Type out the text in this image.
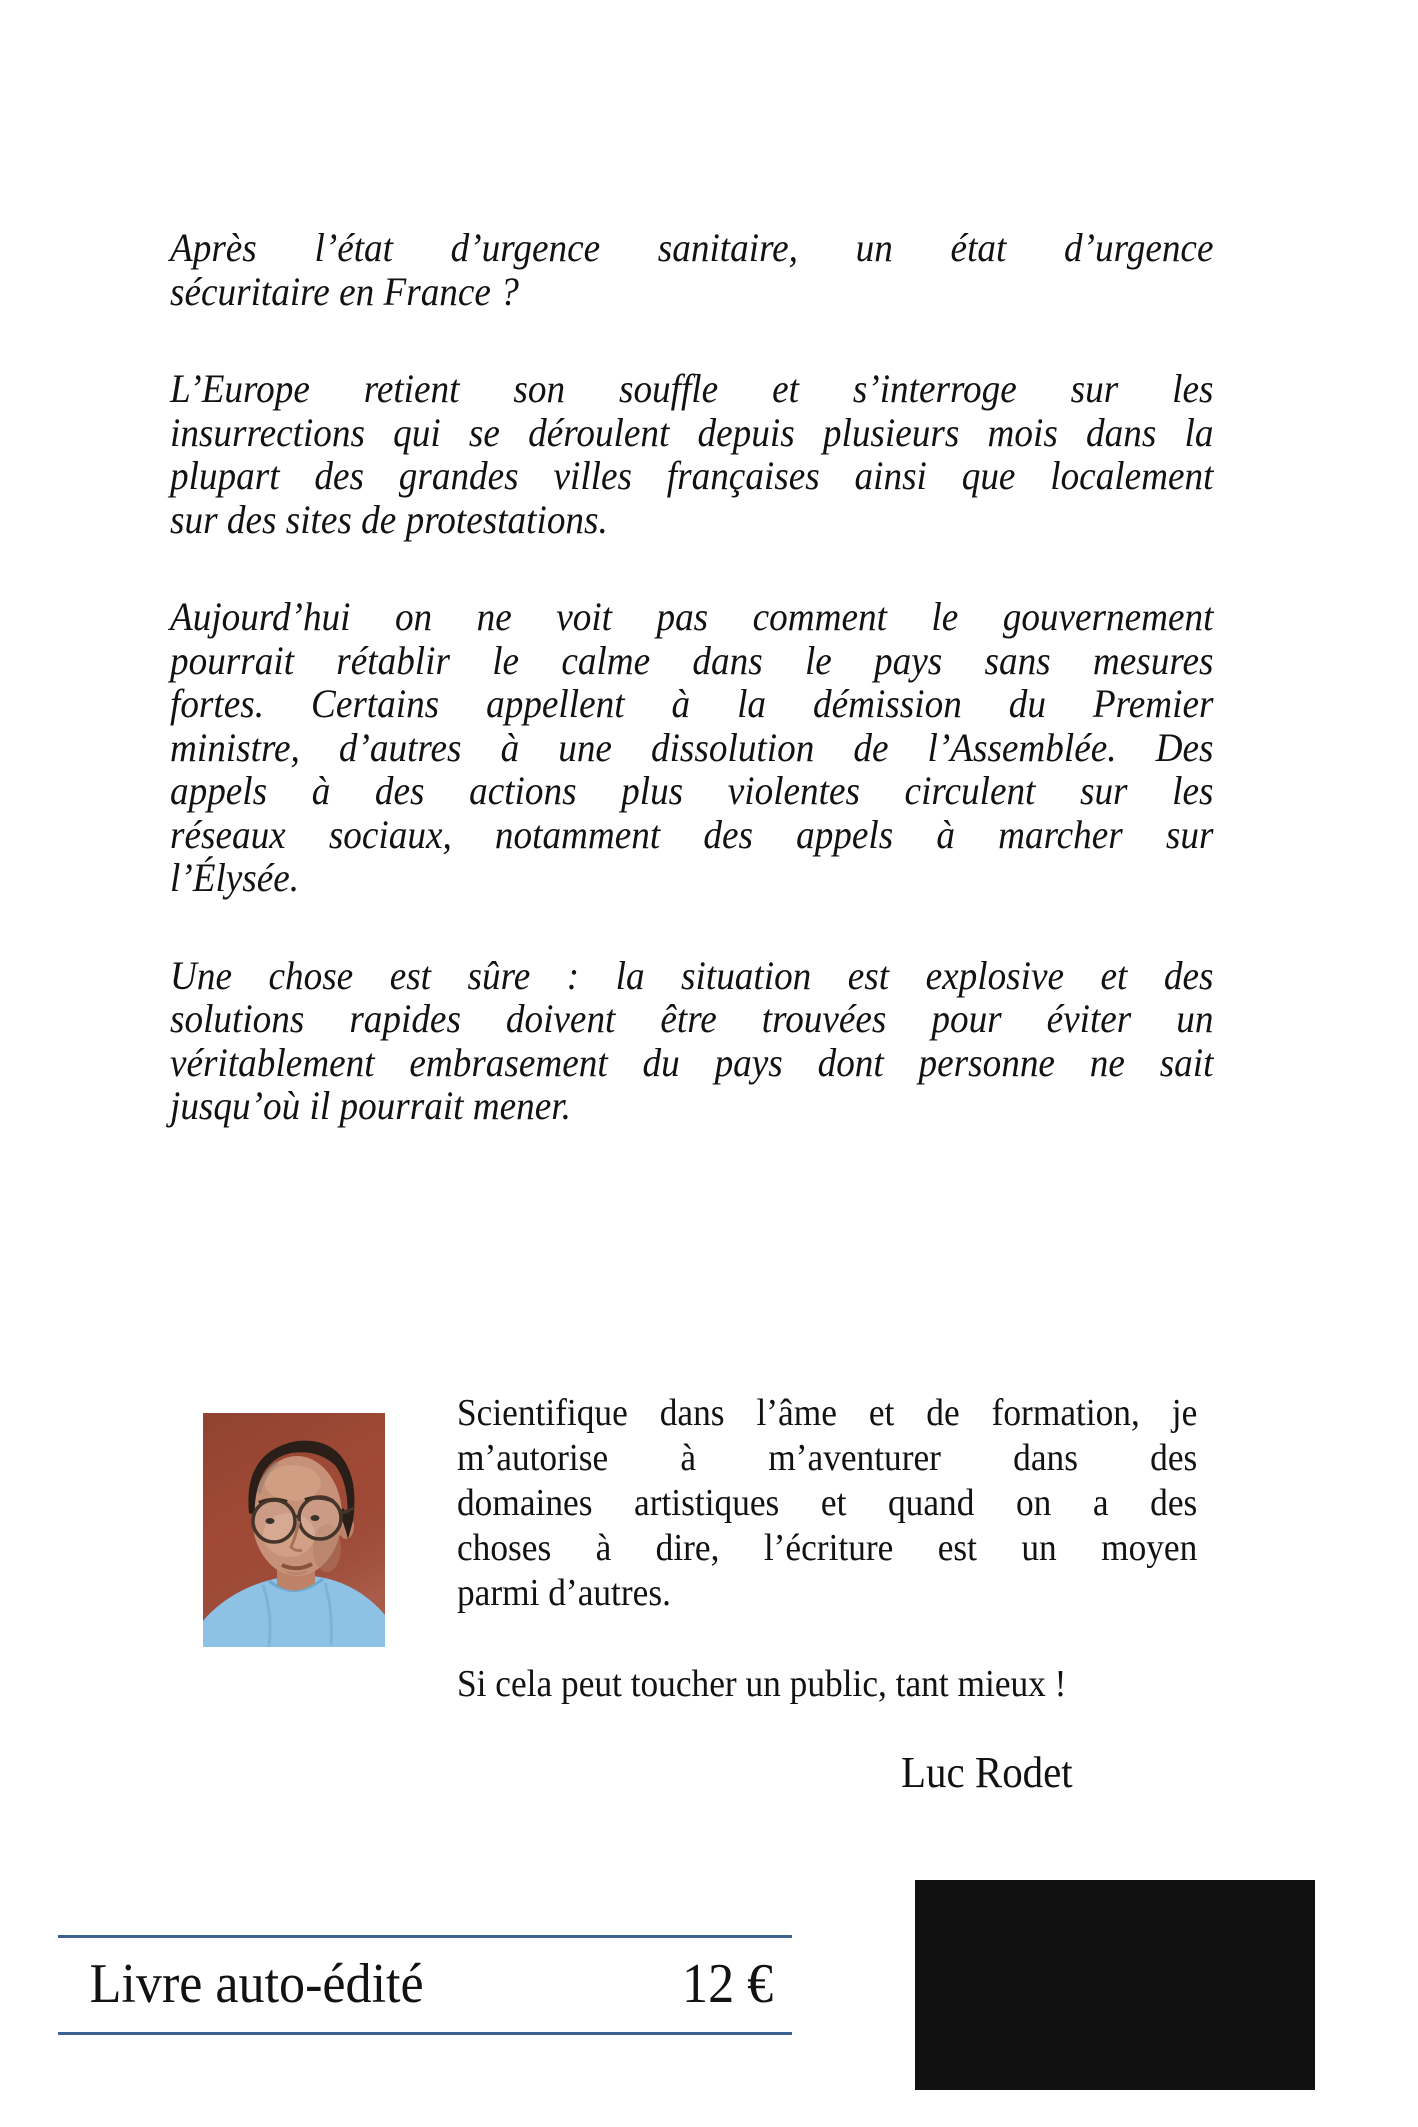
Après l’état d’urgence sanitaire, un état d’urgence
sécuritaire en France ?
L’Europe retient son souffle et s’interroge sur les
insurrections qui se déroulent depuis plusieurs mois dans la
plupart des grandes villes françaises ainsi que localement
sur des sites de protestations.
Aujourd’hui on ne voit pas comment le gouvernement
pourrait rétablir le calme dans le pays sans mesures
fortes. Certains appellent à la démission du Premier
ministre, d’autres à une dissolution de l’Assemblée. Des
appels à des actions plus violentes circulent sur les
réseaux sociaux, notamment des appels à marcher sur
l’Élysée.
Une chose est sûre : la situation est explosive et des
solutions rapides doivent être trouvées pour éviter un
véritablement embrasement du pays dont personne ne sait
jusqu’où il pourrait mener.
Scientifique dans l’âme et de formation, je
m’autorise à m’aventurer dans des
domaines artistiques et quand on a des
choses à dire, l’écriture est un moyen
parmi d’autres.
Si cela peut toucher un public, tant mieux !
Luc Rodet
Livre auto-édité	12 €
9 782958 939809
